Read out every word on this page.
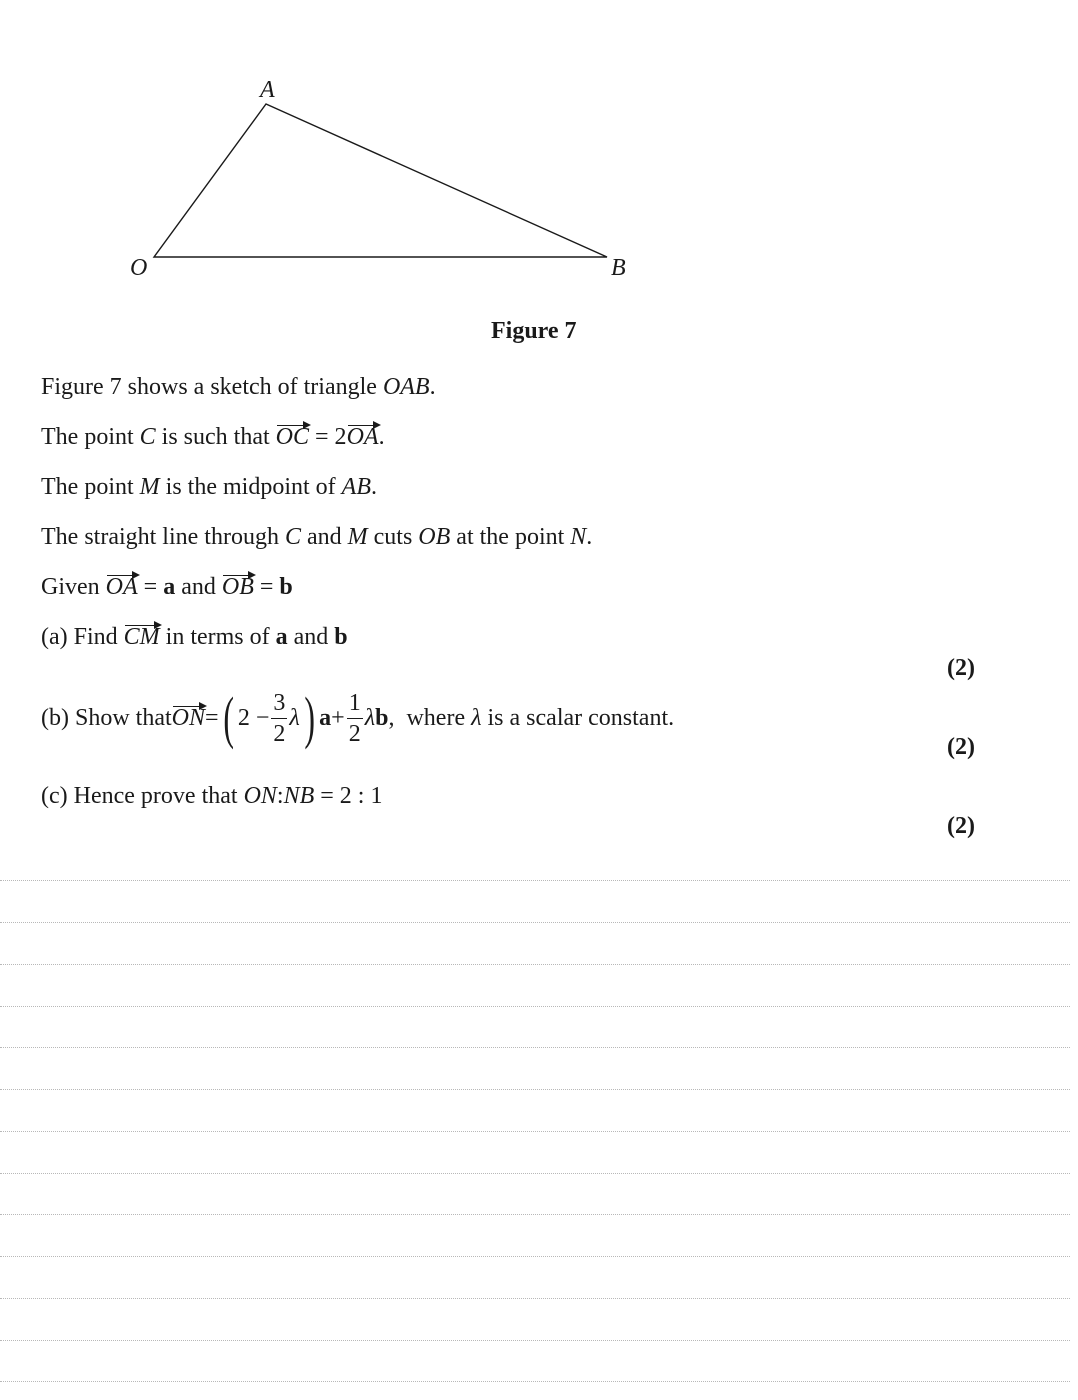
A
O	B
Figure 7
Figure 7 shows a sketch of triangle OAB.
The point C is such that OC = 2OA.
The point M is the midpoint of AB.
The straight line through C and M cuts OB at the point N.
Given OA = a and OB = b
(a) Find CM in terms of a and b
(2)
(b)
Show that ON = ( $2 - \frac{3}{2}$ λ ) $a + \frac{1}{2}$ λ b , where λ is a scalar constant.
(2)
(c) Hence prove that ON:NB = 2 : 1
(2)
